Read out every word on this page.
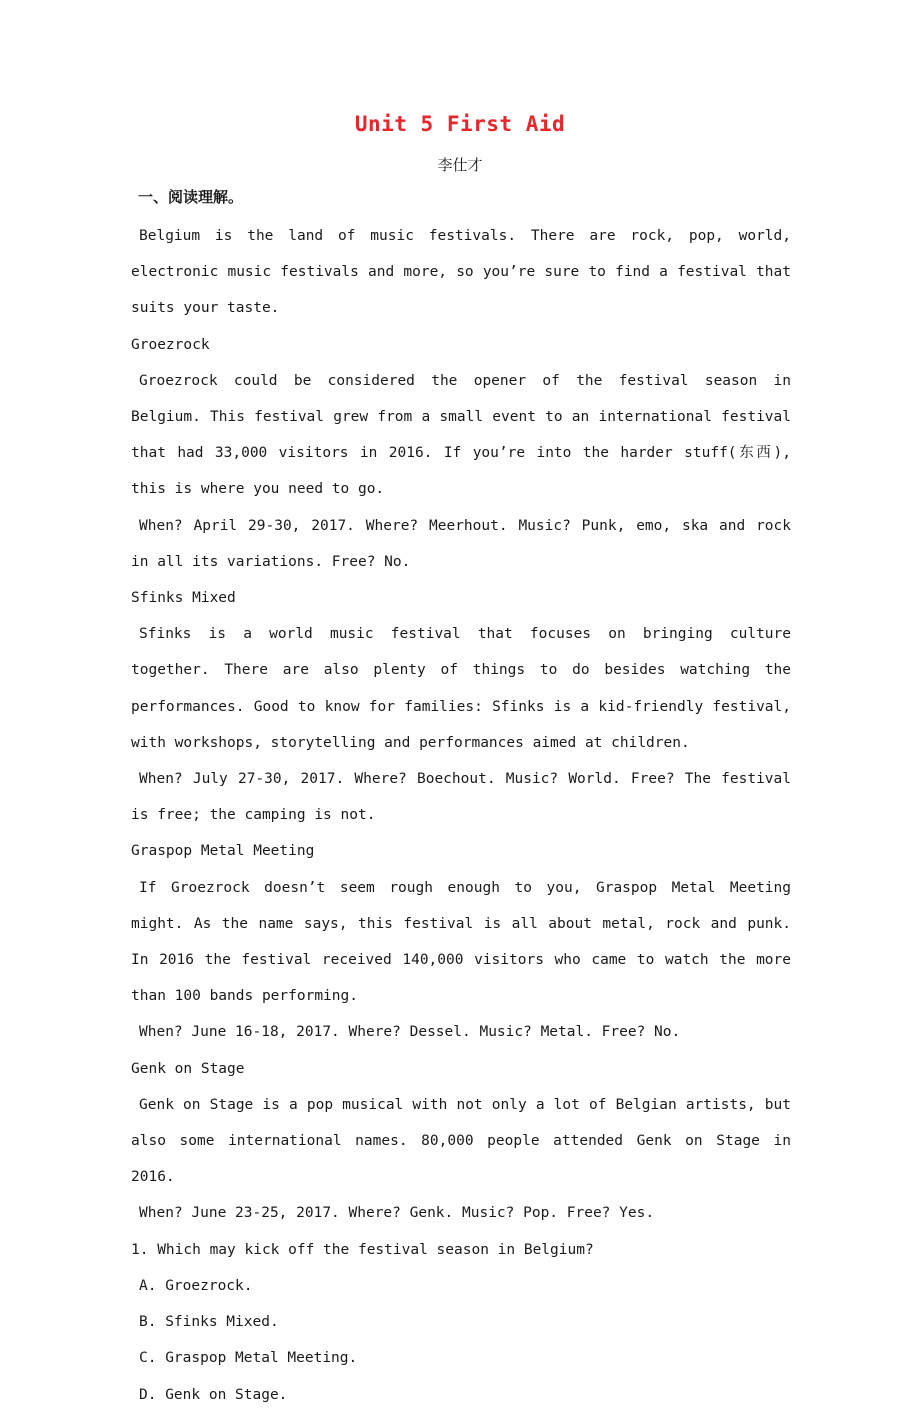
Unit 5 First Aid
李仕才
一、阅读理解。

Belgium is the land of music festivals. There are rock, pop, world, electronic music festivals and more, so you’re sure to find a festival that suits your taste.

Groezrock

Groezrock could be considered the opener of the festival season in Belgium. This festival grew from a small event to an international festival that had 33,000 visitors in 2016. If you’re into the harder stuff(东西), this is where you need to go.

When? April 29-30, 2017. Where? Meerhout. Music? Punk, emo, ska and rock in all its variations. Free? No.

Sfinks Mixed

Sfinks is a world music festival that focuses on bringing culture together. There are also plenty of things to do besides watching the performances. Good to know for families: Sfinks is a kid-friendly festival, with workshops, storytelling and performances aimed at children.

When? July 27-30, 2017. Where? Boechout. Music? World. Free? The festival is free; the camping is not.

Graspop Metal Meeting

If Groezrock doesn’t seem rough enough to you, Graspop Metal Meeting might. As the name says, this festival is all about metal, rock and punk. In 2016 the festival received 140,000 visitors who came to watch the more than 100 bands performing.

When? June 16-18, 2017. Where? Dessel. Music? Metal. Free? No.

Genk on Stage

Genk on Stage is a pop musical with not only a lot of Belgian artists, but also some international names. 80,000 people attended Genk on Stage in 2016.

When? June 23-25, 2017. Where? Genk. Music? Pop. Free? Yes.

1. Which may kick off the festival season in Belgium?

A. Groezrock.
B. Sfinks Mixed.
C. Graspop Metal Meeting.
D. Genk on Stage.
